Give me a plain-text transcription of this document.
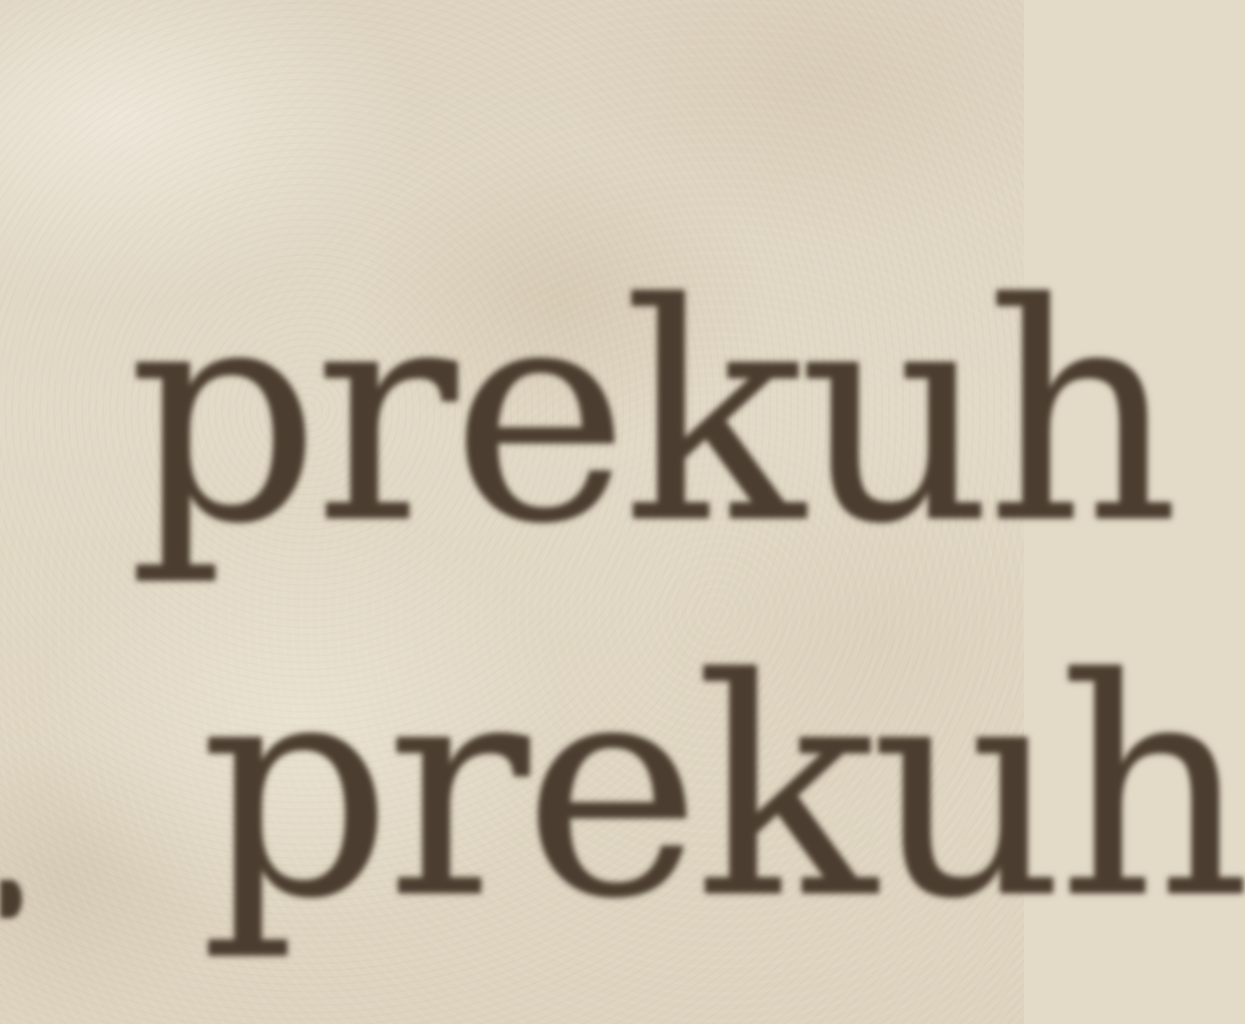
prekuh

prekuh
